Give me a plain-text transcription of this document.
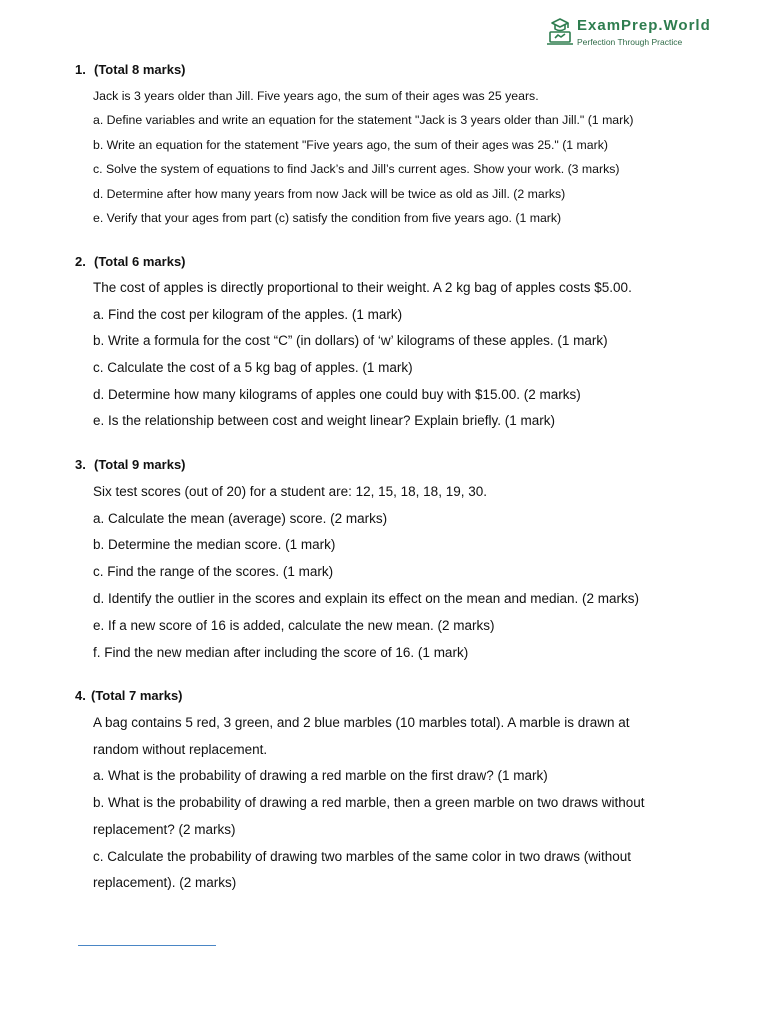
ExamPrep.World
Perfection Through Practice
1. (Total 8 marks)
Jack is 3 years older than Jill. Five years ago, the sum of their ages was 25 years.
a. Define variables and write an equation for the statement "Jack is 3 years older than Jill." (1 mark)
b. Write an equation for the statement "Five years ago, the sum of their ages was 25." (1 mark)
c. Solve the system of equations to find Jack’s and Jill’s current ages. Show your work. (3 marks)
d. Determine after how many years from now Jack will be twice as old as Jill. (2 marks)
e. Verify that your ages from part (c) satisfy the condition from five years ago. (1 mark)
2. (Total 6 marks)
The cost of apples is directly proportional to their weight. A 2 kg bag of apples costs $5.00.
a. Find the cost per kilogram of the apples. (1 mark)
b. Write a formula for the cost “C” (in dollars) of ‘w’ kilograms of these apples. (1 mark)
c. Calculate the cost of a 5 kg bag of apples. (1 mark)
d. Determine how many kilograms of apples one could buy with $15.00. (2 marks)
e. Is the relationship between cost and weight linear? Explain briefly. (1 mark)
3. (Total 9 marks)
Six test scores (out of 20) for a student are: 12, 15, 18, 18, 19, 30.
a. Calculate the mean (average) score. (2 marks)
b. Determine the median score. (1 mark)
c. Find the range of the scores. (1 mark)
d. Identify the outlier in the scores and explain its effect on the mean and median. (2 marks)
e. If a new score of 16 is added, calculate the new mean. (2 marks)
f. Find the new median after including the score of 16. (1 mark)
4. (Total 7 marks)
A bag contains 5 red, 3 green, and 2 blue marbles (10 marbles total). A marble is drawn at
random without replacement.
a. What is the probability of drawing a red marble on the first draw? (1 mark)
b. What is the probability of drawing a red marble, then a green marble on two draws without
replacement? (2 marks)
c. Calculate the probability of drawing two marbles of the same color in two draws (without
replacement). (2 marks)
